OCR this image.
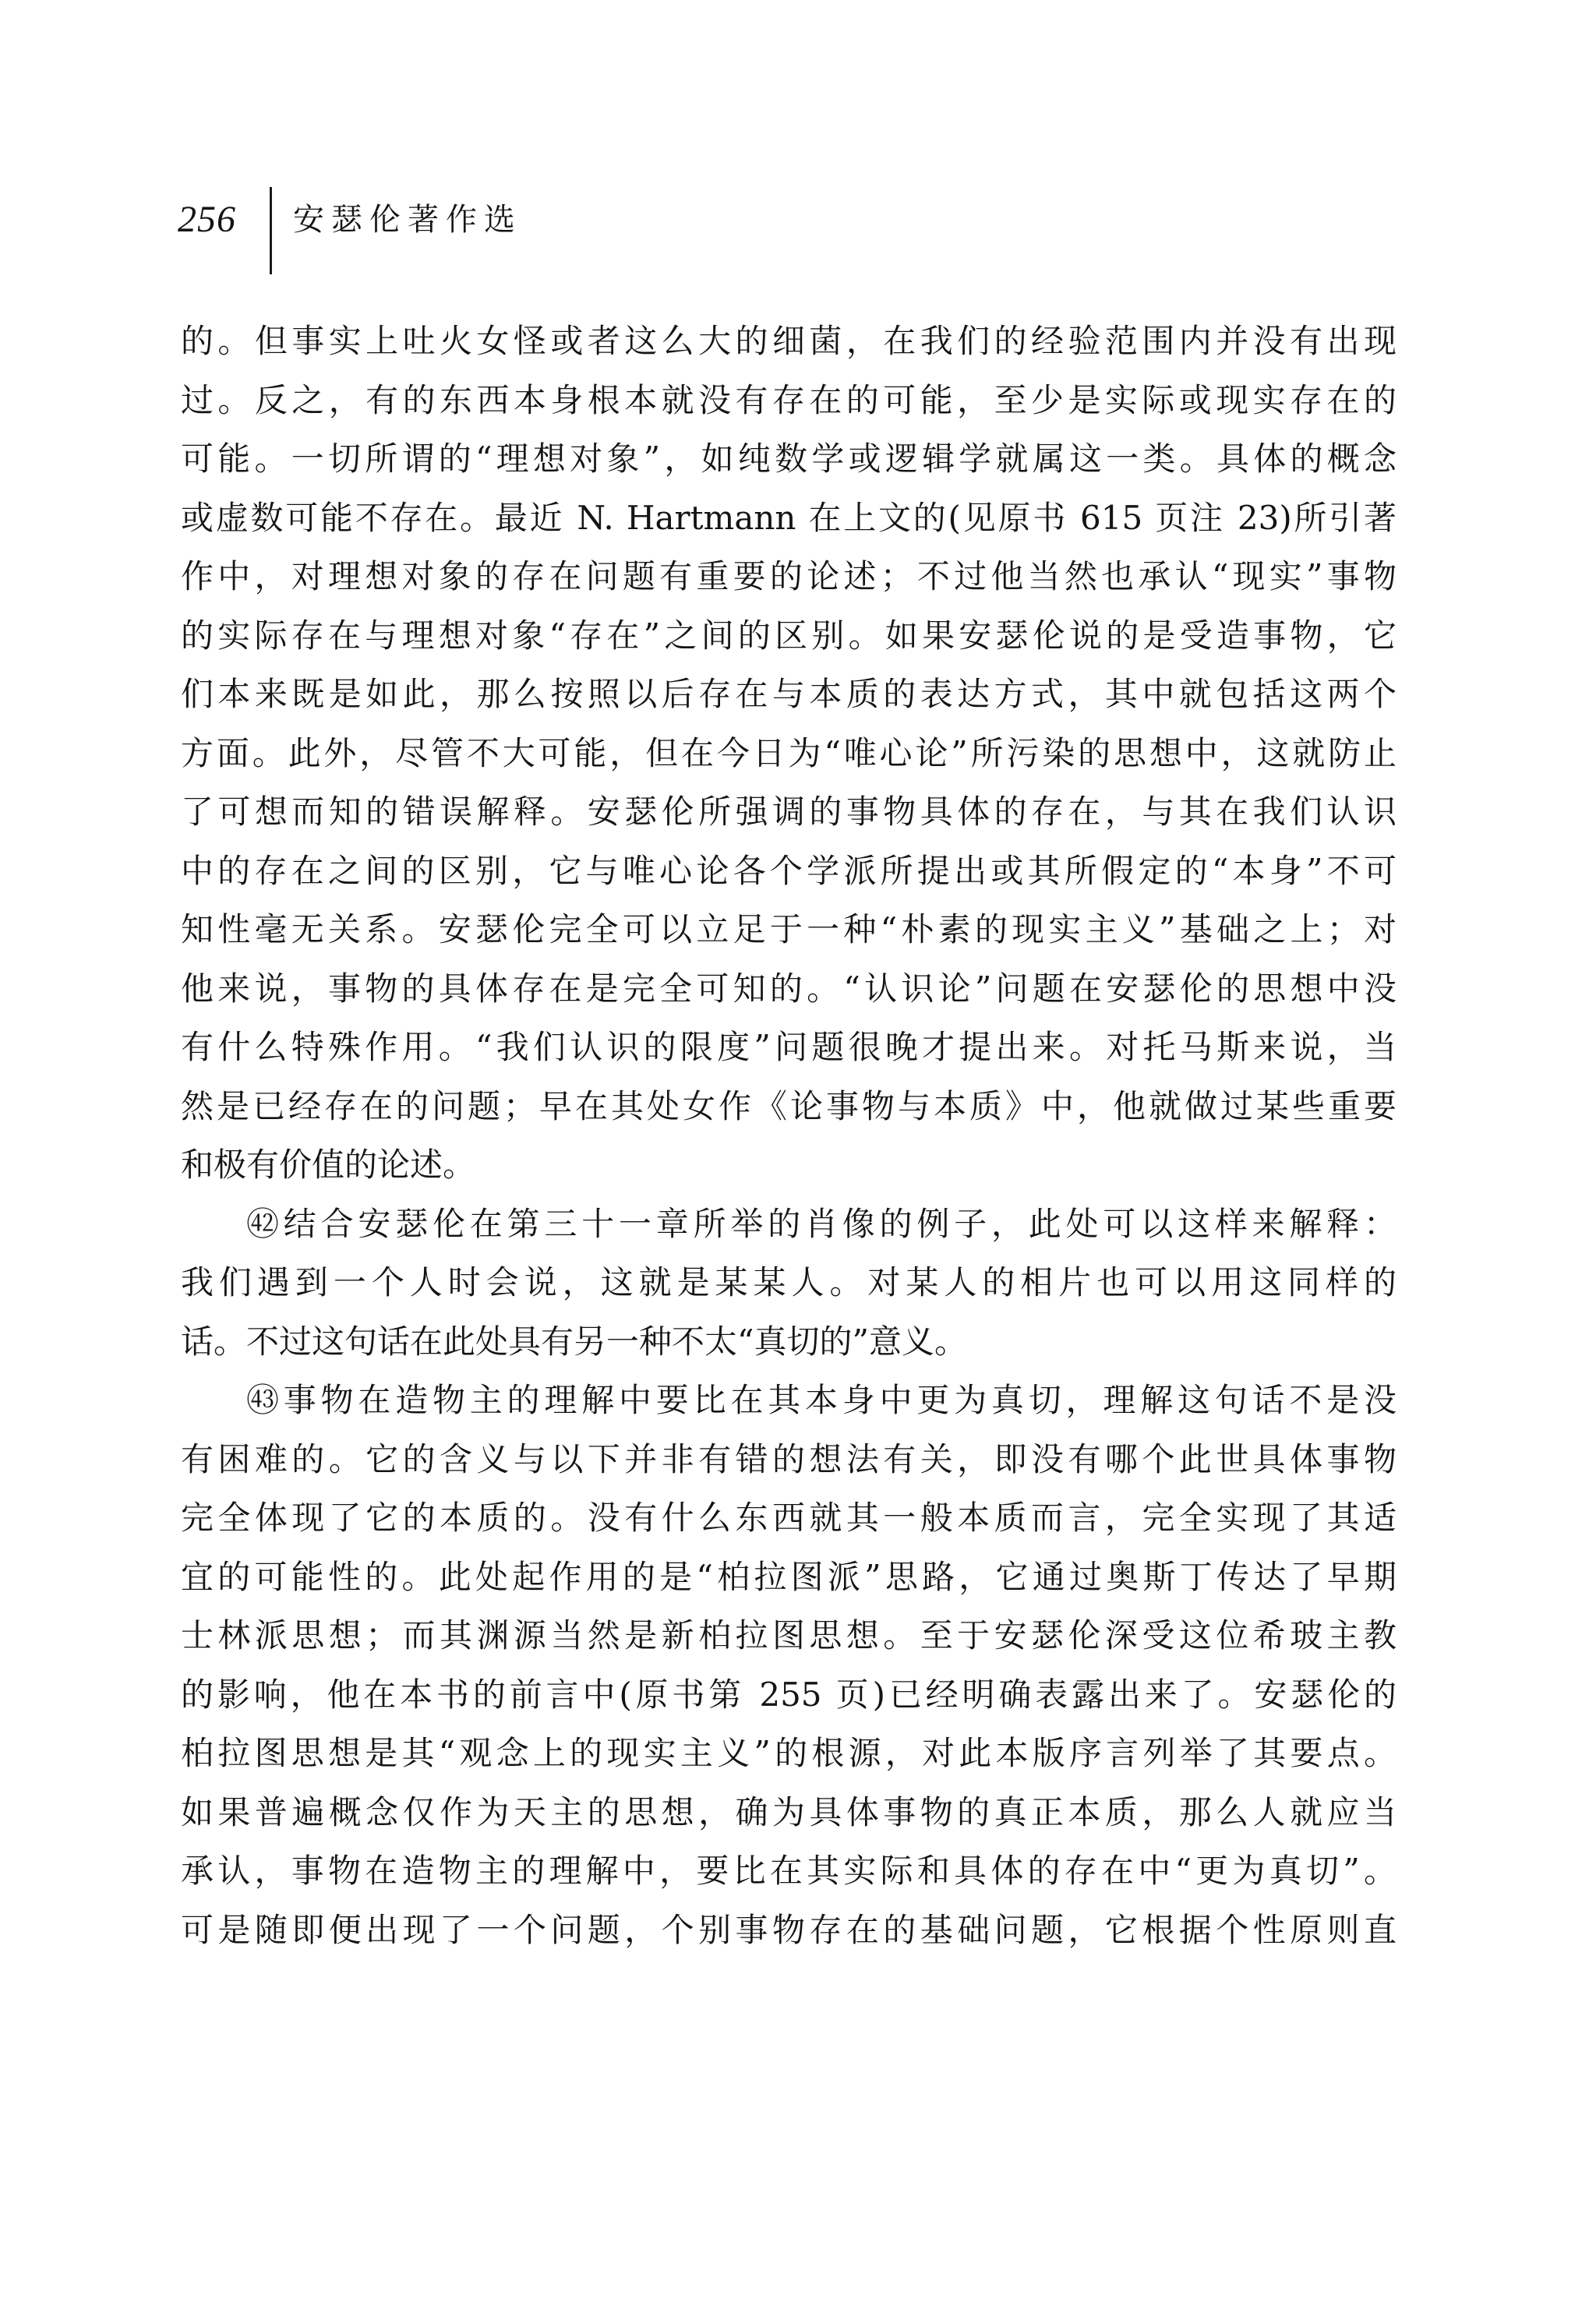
256 安瑟伦著作选
的。但事实上吐火女怪或者这么大的细菌，在我们的经验范围内并没有出现
过。反之，有的东西本身根本就没有存在的可能，至少是实际或现实存在的
可能。一切所谓的“理想对象”，如纯数学或逻辑学就属这一类。具体的概念
或虚数可能不存在。最近 N. Hartmann 在上文的(见原书 615 页注 23)所引著
作中，对理想对象的存在问题有重要的论述；不过他当然也承认“现实”事物
的实际存在与理想对象“存在”之间的区别。如果安瑟伦说的是受造事物，它
们本来既是如此，那么按照以后存在与本质的表达方式，其中就包括这两个
方面。此外，尽管不大可能，但在今日为“唯心论”所污染的思想中，这就防止
了可想而知的错误解释。安瑟伦所强调的事物具体的存在，与其在我们认识
中的存在之间的区别，它与唯心论各个学派所提出或其所假定的“本身”不可
知性毫无关系。安瑟伦完全可以立足于一种“朴素的现实主义”基础之上；对
他来说，事物的具体存在是完全可知的。“认识论”问题在安瑟伦的思想中没
有什么特殊作用。“我们认识的限度”问题很晚才提出来。对托马斯来说，当
然是已经存在的问题；早在其处女作《论事物与本质》中，他就做过某些重要
和极有价值的论述。
㊷结合安瑟伦在第三十一章所举的肖像的例子，此处可以这样来解释：
我们遇到一个人时会说，这就是某某人。对某人的相片也可以用这同样的
话。不过这句话在此处具有另一种不太“真切的”意义。
㊸事物在造物主的理解中要比在其本身中更为真切，理解这句话不是没
有困难的。它的含义与以下并非有错的想法有关，即没有哪个此世具体事物
完全体现了它的本质的。没有什么东西就其一般本质而言，完全实现了其适
宜的可能性的。此处起作用的是“柏拉图派”思路，它通过奥斯丁传达了早期
士林派思想；而其渊源当然是新柏拉图思想。至于安瑟伦深受这位希玻主教
的影响，他在本书的前言中(原书第 255 页)已经明确表露出来了。安瑟伦的
柏拉图思想是其“观念上的现实主义”的根源，对此本版序言列举了其要点。
如果普遍概念仅作为天主的思想，确为具体事物的真正本质，那么人就应当
承认，事物在造物主的理解中，要比在其实际和具体的存在中“更为真切”。
可是随即便出现了一个问题，个别事物存在的基础问题，它根据个性原则直
